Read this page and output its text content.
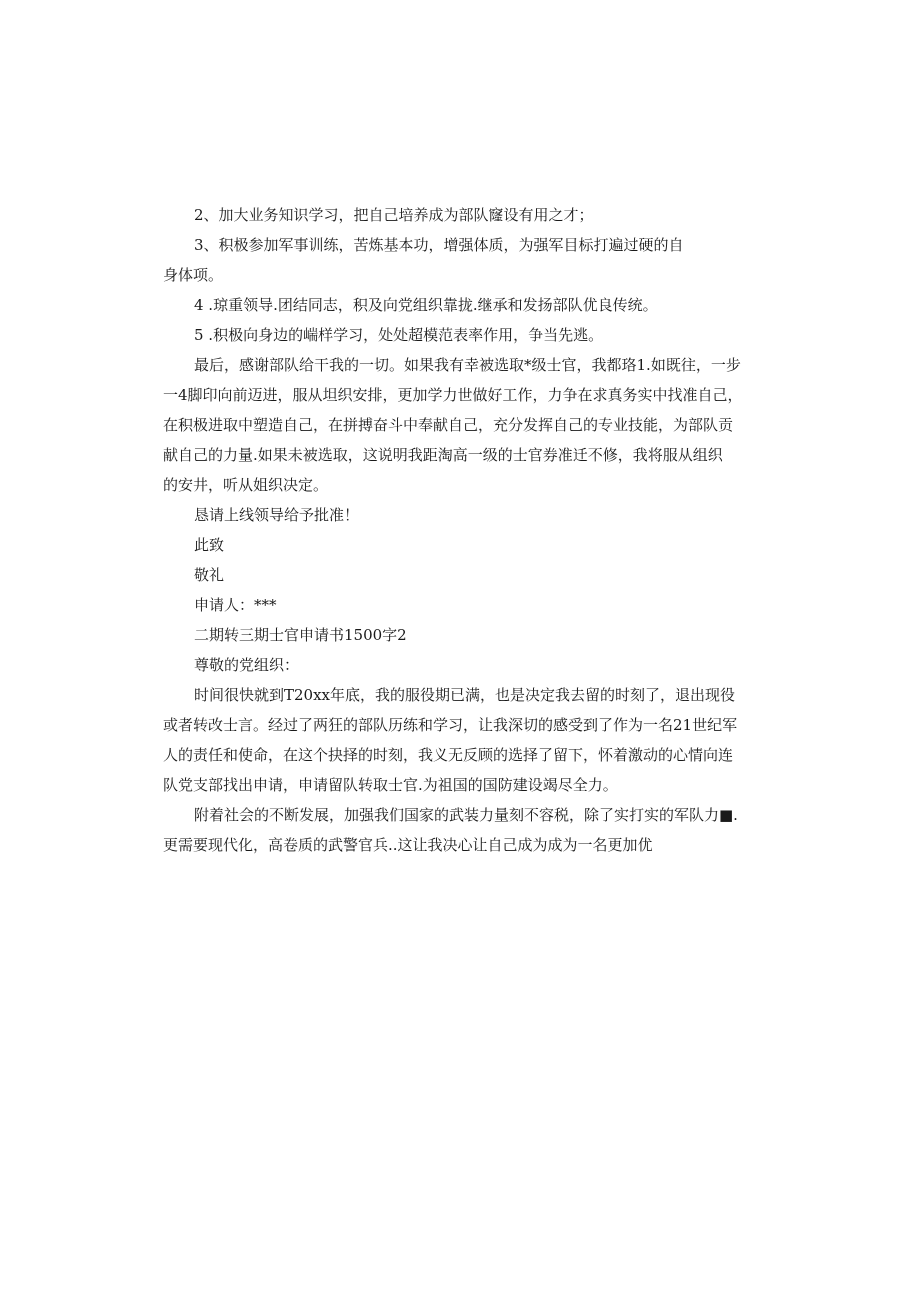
2、加大业务知识学习，把自己培养成为部队窿设有用之才；

3、积极参加军事训练，苦炼基本功，增强体质，为强军目标打遍过硬的自

身体项。

4 .琼重领导.团结同志，积及向党组织靠拢.继承和发扬部队优良传统。

5 .积极向身边的㟨样学习，处处超模范表率作用，争当先逃。

最后，感谢部队给干我的一切。如果我有幸被选取*级士官，我都珞1.如既往，一步

一4脚印向前迈进，服从坦织安排，更加学力世做好工作，力争在求真务实中找准自己，

在积极进取中塑造自己，在拼搏奋斗中奉献自己，充分发挥自己的专业技能，为部队贡

献自己的力量.如果未被选取，这说明我距淘高一级的士官券准迁不修，我将服从组织

的安井，听从姐织决定。

恳请上线领导给予批准！

此致

敬礼

申请人：***

二期转三期士官申请书1500字2

尊敬的党组织：

时间很快就到T20xx年底，我的服役期已满，也是决定我去留的时刻了，退出现役

或者转改士言。经过了两狂的部队历练和学习，让我深切的感受到了作为一名21世纪军

人的责任和使命，在这个抉择的时刻，我义无反顾的选择了留下，怀着激动的心情向连

队党支部找出申请，申请留队转取士官.为祖国的国防建设竭尽全力。

附着社会的不断发展，加强我们国家的武装力量刻不容税，除了实打实的军队力■.

更需要现代化，高卷质的武警官兵..这让我决心让自己成为成为一名更加优
